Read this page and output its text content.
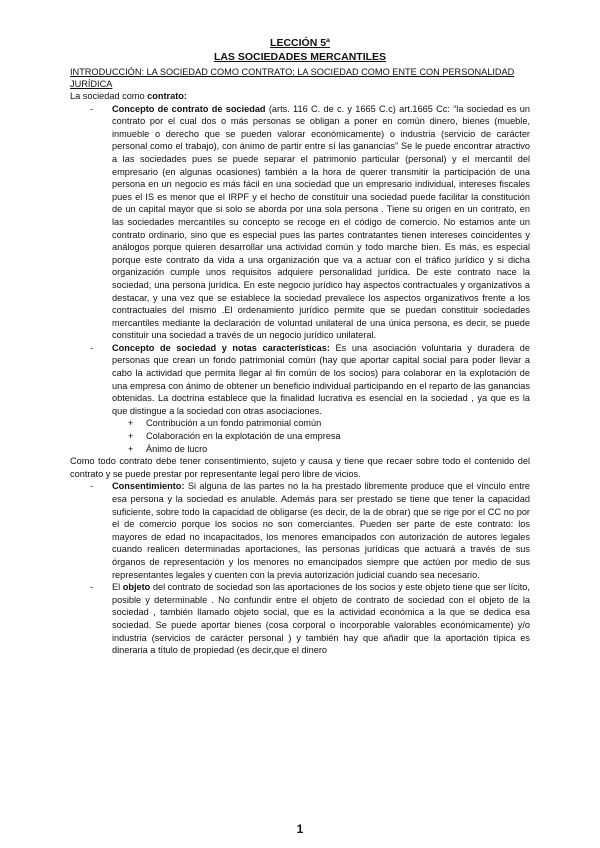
LECCIÓN 5ª
LAS SOCIEDADES MERCANTILES
INTRODUCCIÓN: LA SOCIEDAD COMO CONTRATO; LA SOCIEDAD COMO ENTE CON PERSONALIDAD JURÍDICA

La sociedad como contrato:

- Concepto de contrato de sociedad (arts. 116 C. de c. y 1665 C.c) art.1665 Cc: “la sociedad es un contrato por el cual dos o más personas se obligan a poner en común dinero, bienes (mueble, inmueble o derecho que se pueden valorar económicamente) o industria (servicio de carácter personal como el trabajo), con ánimo de partir entre sí las ganancias” Se le puede encontrar atractivo a las sociedades pues se puede separar el patrimonio particular (personal) y el mercantil del empresario (en algunas ocasiones) también a la hora de querer transmitir la participación de una persona en un negocio es más fácil en una sociedad que un empresario individual, intereses fiscales pues el IS es menor que el IRPF y el hecho de constituir una sociedad puede facilitar la constitución de un capital mayor que si solo se aborda por una sola persona . Tiene su origen en un contrato, en las sociedades mercantiles su concepto se recoge en el código de comercio. No estamos ante un contrato ordinario, sino que es especial pues las partes contratantes tienen intereses coincidentes y análogos porque quieren desarrollar una actividad común y todo marche bien. Es más, es especial porque este contrato da vida a una organización que va a actuar con el tráfico jurídico y si dicha organización cumple unos requisitos adquiere personalidad jurídica. De este contrato nace la sociedad, una persona jurídica. En este negocio jurídico hay aspectos contractuales y organizativos a destacar, y una vez que se establece la sociedad prevalece los aspectos organizativos frente a los contractuales del mismo .El ordenamiento jurídico permite que se puedan constituir sociedades mercantiles mediante la declaración de voluntad unilateral de una única persona, es decir, se puede constituir una sociedad a través de un negocio jurídico unilateral.

- Concepto de sociedad y notas características: Es una asociación voluntaria y duradera de personas que crean un fondo patrimonial común (hay que aportar capital social para poder llevar a cabo la actividad que permita llegar al fin común de los socios) para colaborar en la explotación de una empresa con ánimo de obtener un beneficio individual participando en el reparto de las ganancias obtenidas. La doctrina establece que la finalidad lucrativa es esencial en la sociedad , ya que es la que distingue a la sociedad con otras asociaciones.

+ Contribución a un fondo patrimonial común
+ Colaboración en la explotación de una empresa
+ Ánimo de lucro

Como todo contrato debe tener consentimiento, sujeto y causa y tiene que recaer sobre todo el contenido del contrato y se puede prestar por representante legal pero libre de vicios.

- Consentimiento: Si alguna de las partes no la ha prestado libremente produce que el vínculo entre esa persona y la sociedad es anulable. Además para ser prestado se tiene que tener la capacidad suficiente, sobre todo la capacidad de obligarse (es decir, de la de obrar) que se rige por el CC no por el de comercio porque los socios no son comerciantes. Pueden ser parte de este contrato: los mayores de edad no incapacitados, los menores emancipados con autorización de autores legales cuando realicen determinadas aportaciones, las personas jurídicas que actuará a través de sus órganos de representación y los menores no emancipados siempre que actúen por medio de sus representantes legales y cuenten con la previa autorización judicial cuando sea necesario.

- El objeto del contrato de sociedad son las aportaciones de los socios y este objeto tiene que ser lícito, posible y determinable . No confundir entre el objeto de contrato de sociedad con el objeto de la sociedad , también llamado objeto social, que es la actividad económica a la que se dedica esa sociedad. Se puede aportar bienes (cosa corporal o incorporable valorables económicamente) y/o industria (servicios de carácter personal ) y también hay que añadir que la aportación típica es dineraria a título de propiedad (es decir,que el dinero

1
